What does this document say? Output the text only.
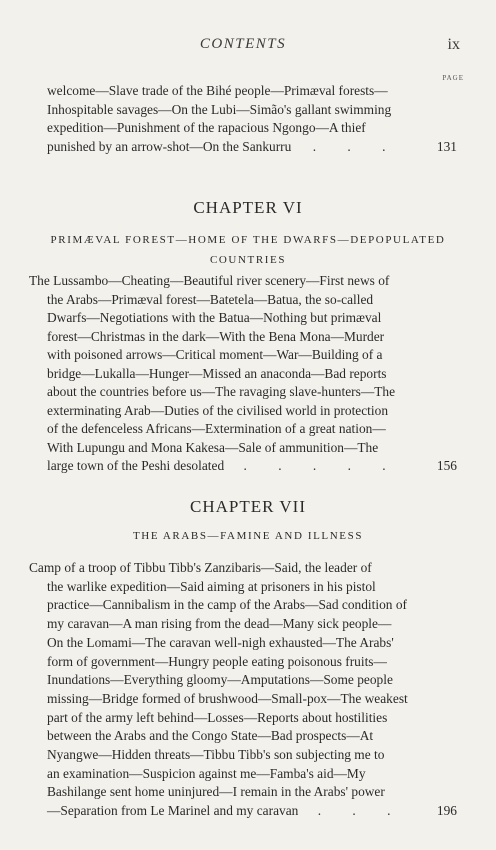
CONTENTS	ix
PAGE
welcome—Slave trade of the Bihé people—Primæval forests—
Inhospitable savages—On the Lubi—Simão's gallant swimming
expedition—Punishment of the rapacious Ngongo—A thief
punished by an arrow-shot—On the Sankurru . . .	131
CHAPTER VI
PRIMÆVAL FOREST—HOME OF THE DWARFS—DEPOPULATED
COUNTRIES
The Lussambo—Cheating—Beautiful river scenery—First news of
the Arabs—Primæval forest—Batetela—Batua, the so-called
Dwarfs—Negotiations with the Batua—Nothing but primæval
forest—Christmas in the dark—With the Bena Mona—Murder
with poisoned arrows—Critical moment—War—Building of a
bridge—Lukalla—Hunger—Missed an anaconda—Bad reports
about the countries before us—The ravaging slave-hunters—The
exterminating Arab—Duties of the civilised world in protection
of the defenceless Africans—Extermination of a great nation—
With Lupungu and Mona Kakesa—Sale of ammunition—The
large town of the Peshi desolated . . . . .	156
CHAPTER VII
THE ARABS—FAMINE AND ILLNESS
Camp of a troop of Tibbu Tibb's Zanzibaris—Said, the leader of
the warlike expedition—Said aiming at prisoners in his pistol
practice—Cannibalism in the camp of the Arabs—Sad condition of
my caravan—A man rising from the dead—Many sick people—
On the Lomami—The caravan well-nigh exhausted—The Arabs'
form of government—Hungry people eating poisonous fruits—
Inundations—Everything gloomy—Amputations—Some people
missing—Bridge formed of brushwood—Small-pox—The weakest
part of the army left behind—Losses—Reports about hostilities
between the Arabs and the Congo State—Bad prospects—At
Nyangwe—Hidden threats—Tibbu Tibb's son subjecting me to
an examination—Suspicion against me—Famba's aid—My
Bashilange sent home uninjured—I remain in the Arabs' power
—Separation from Le Marinel and my caravan . . . 196
